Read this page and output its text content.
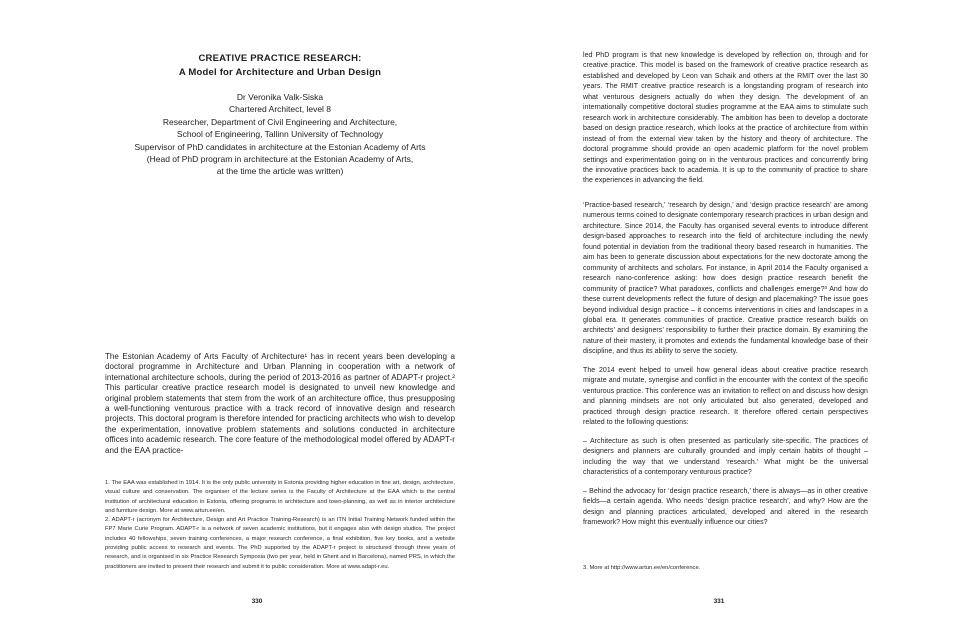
CREATIVE PRACTICE RESEARCH:
A Model for Architecture and Urban Design
Dr Veronika Valk-Siska
Chartered Architect, level 8
Researcher, Department of Civil Engineering and Architecture,
School of Engineering, Tallinn University of Technology
Supervisor of PhD candidates in architecture at the Estonian Academy of Arts
(Head of PhD program in architecture at the Estonian Academy of Arts,
at the time the article was written)
The Estonian Academy of Arts Faculty of Architecture¹ has in recent years been developing a doctoral programme in Architecture and Urban Planning in cooperation with a network of international architecture schools, during the period of 2013-2016 as partner of ADAPT-r project.² This particular creative practice research model is designated to unveil new knowledge and original problem statements that stem from the work of an architecture office, thus presupposing a well-functioning venturous practice with a track record of innovative design and research projects. This doctoral program is therefore intended for practicing architects who wish to develop the experimentation, innovative problem statements and solutions conducted in architecture offices into academic research. The core feature of the methodological model offered by ADAPT-r and the EAA practice-
1. The EAA was established in 1914. It is the only public university in Estonia providing higher education in fine art, design, architecture, visual culture and conservation. The organiser of the lecture series is the Faculty of Architecture at the EAA which is the central institution of architectural education in Estonia, offering programs in architecture and town-planning, as well as in interior architecture and furniture design. More at www.artun.ee/en.
2. ADAPT-r (acronym for Architecture, Design and Art Practice Training-Research) is an ITN Initial Training Network funded within the FP7 Marie Curie Program. ADAPT-r is a network of seven academic institutions, but it engages also with design studios. The project includes 40 fellowships, seven training conferences, a major research conference, a final exhibition, five key books, and a website providing public access to research and events. The PhD supported by the ADAPT-r project is structured through three years of research, and is organised in six Practice Research Symposia (two per year, held in Ghent and in Barcelona), named PRS, in which the practitioners are invited to present their research and submit it to public consideration. More at www.adapt-r.eu.
330
led PhD program is that new knowledge is developed by reflection on, through and for creative practice. This model is based on the framework of creative practice research as established and developed by Leon van Schaik and others at the RMIT over the last 30 years. The RMIT creative practice research is a longstanding program of research into what venturous designers actually do when they design. The development of an internationally competitive doctoral studies programme at the EAA aims to stimulate such research work in architecture considerably. The ambition has been to develop a doctorate based on design practice research, which looks at the practice of architecture from within instead of from the external view taken by the history and theory of architecture. The doctoral programme should provide an open academic platform for the novel problem settings and experimentation going on in the venturous practices and concurrently bring the innovative practices back to academia. It is up to the community of practice to share the experiences in advancing the field.
‘Practice-based research,’ ‘research by design,’ and ‘design practice research’ are among numerous terms coined to designate contemporary research practices in urban design and architecture. Since 2014, the Faculty has organised several events to introduce different design-based approaches to research into the field of architecture including the newly found potential in deviation from the traditional theory based research in humanities. The aim has been to generate discussion about expectations for the new doctorate among the community of architects and scholars. For instance, in April 2014 the Faculty organised a research nano-conference asking: how does design practice research benefit the community of practice? What paradoxes, conflicts and challenges emerge?³ And how do these current developments reflect the future of design and placemaking? The issue goes beyond individual design practice – it concerns interventions in cities and landscapes in a global era. It generates communities of practice. Creative practice research builds on architects’ and designers’ responsibility to further their practice domain. By examining the nature of their mastery, it promotes and extends the fundamental knowledge base of their discipline, and thus its ability to serve the society.
The 2014 event helped to unveil how general ideas about creative practice research migrate and mutate, synergise and conflict in the encounter with the context of the specific venturous practice. This conference was an invitation to reflect on and discuss how design and planning mindsets are not only articulated but also generated, developed and practiced through design practice research. It therefore offered certain perspectives related to the following questions:
– Architecture as such is often presented as particularly site-specific. The practices of designers and planners are culturally grounded and imply certain habits of thought – including the way that we understand ‘research.’ What might be the universal characteristics of a contemporary venturous practice?
– Behind the advocacy for ‘design practice research,’ there is always—as in other creative fields—a certain agenda. Who needs ‘design practice research’, and why? How are the design and planning practices articulated, developed and altered in the research framework? How might this eventually influence our cities?
3. More at http://www.artun.ee/en/conference.
331
